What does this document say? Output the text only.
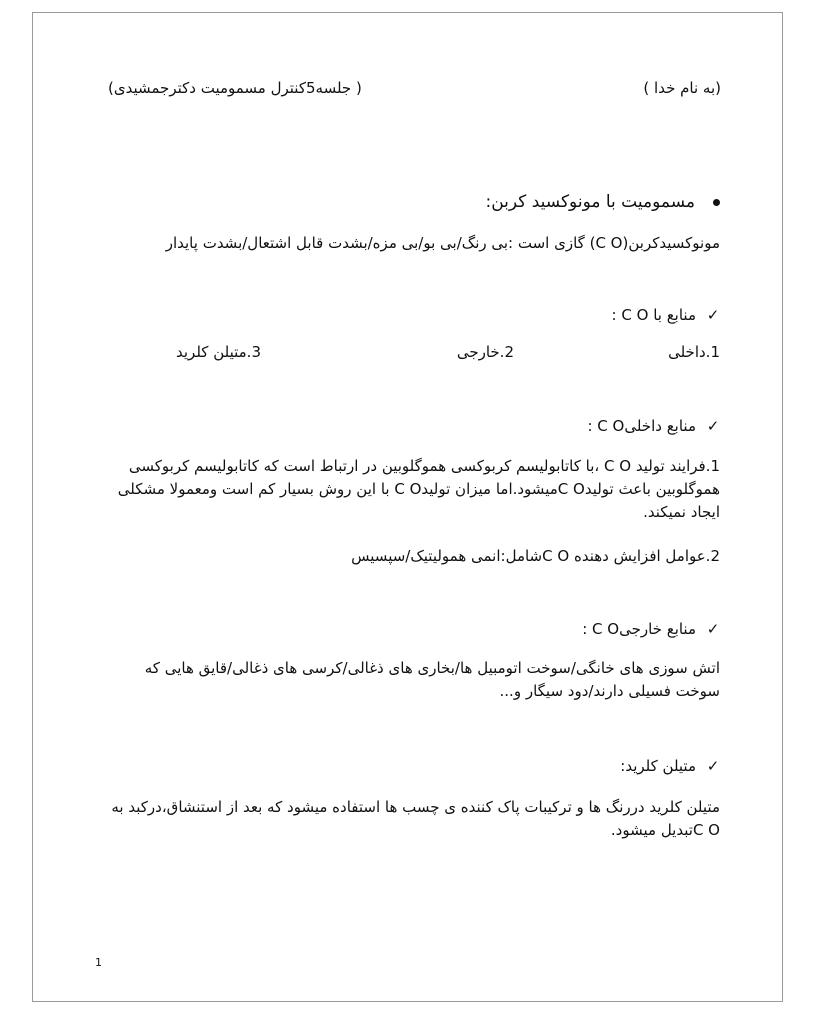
(به نام خدا )
( جلسه5کنترل مسمومیت دکترجمشیدی)
مسمومیت با مونوکسید کربن:
مونوکسیدکربن(C O) گازی است :بی رنگ/بی بو/بی مزه/بشدت قابل اشتعال/بشدت پایدار
✓
منابع با C O :
1.داخلی
2.خارجی
3.متیلن کلرید
✓
منابع داخلیC O :
1.فرایند تولید C O ،با کاتابولیسم کربوکسی هموگلوبین در ارتباط است که کاتابولیسم کربوکسی هموگلوبین باعث تولیدC Oمیشود.اما میزان تولیدC O با این روش بسیار کم است ومعمولا مشکلی ایجاد نمیکند.
2.عوامل افزایش دهنده C Oشامل:انمی همولیتیک/سپسیس
✓
منابع خارجیC O :
اتش سوزی های خانگی/سوخت اتومبیل ها/بخاری های ذغالی/کرسی های ذغالی/قایق هایی که سوخت فسیلی دارند/دود سیگار و...
✓
متیلن کلرید:
متیلن کلرید دررنگ ها و ترکیبات پاک کننده ی چسب ها استفاده میشود که بعد از استنشاق،درکبد به C Oتبدیل میشود.
1
